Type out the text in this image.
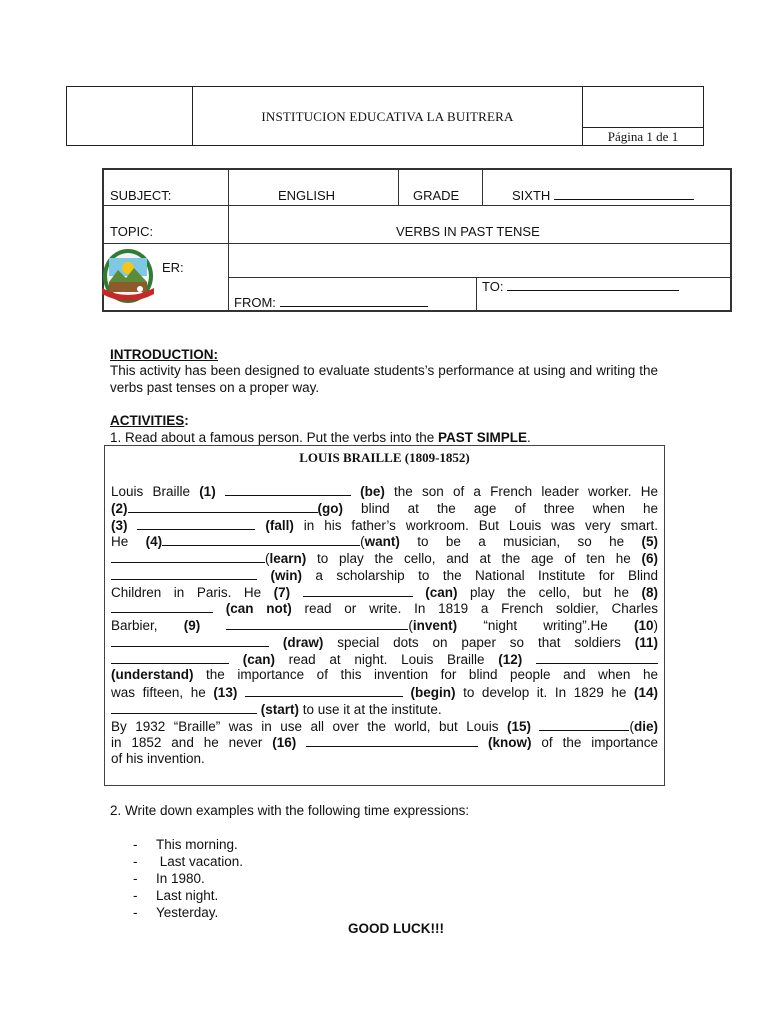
INSTITUCION EDUCATIVA LA BUITRERA
Página 1 de 1
SUBJECT:	ENGLISH	GRADE	SIXTH
TOPIC:	VERBS IN PAST TENSE
ER:
TO:
FROM:
INTRODUCTION:
This activity has been designed to evaluate students’s performance at using and writing the verbs past tenses on a proper way.
ACTIVITIES:
1. Read about a famous person. Put the verbs into the PAST SIMPLE.
LOUIS BRAILLE (1809-1852)
Louis Braille (1)	(be) the son of a French leader worker. He
(2)	(go) blind at the age of three when he
(3)	(fall) in his father’s workroom. But Louis was very smart.
He (4)	(want) to be a musician, so he (5)
(learn) to play the cello, and at the age of ten he (6)
(win) a scholarship to the National Institute for Blind
Children in Paris. He (7)	(can) play the cello, but he (8)
(can not) read or write. In 1819 a French soldier, Charles
Barbier, (9)	(invent) “night writing”.He (10)
(draw) special dots on paper so that soldiers (11)
(can) read at night. Louis Braille (12)
(understand) the importance of this invention for blind people and when he
was fifteen, he (13)	(begin) to develop it. In 1829 he (14)
(start) to use it at the institute.
By 1932 “Braille” was in use all over the world, but Louis (15)	(die)
in 1852 and he never (16)	(know) of the importance
of his invention.
2. Write down examples with the following time expressions:
- This morning.
- Last vacation.
- In 1980.
- Last night.
- Yesterday.
GOOD LUCK!!!
